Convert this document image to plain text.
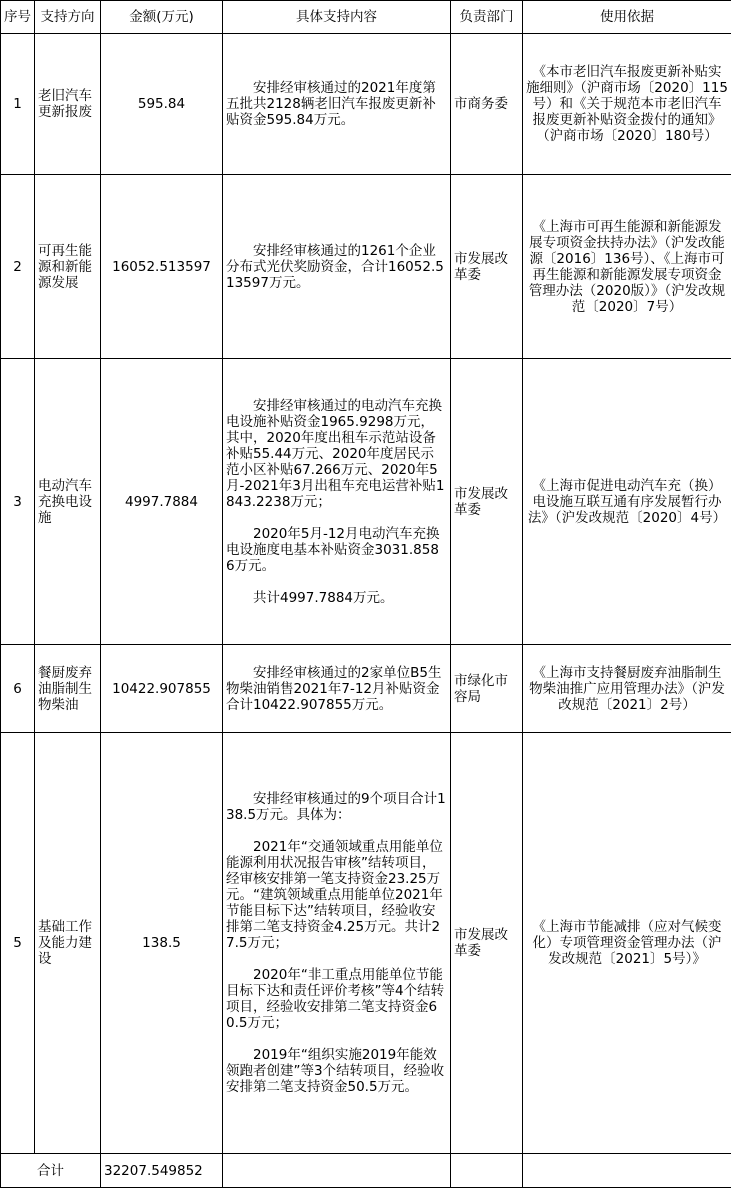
序号	支持方向	金额(万元)	具体支持内容	负责部门	使用依据
1	老旧汽车更新报废	595.84	安排经审核通过的2021年度第五批共2128辆老旧汽车报废更新补贴资金595.84万元。	市商务委	《本市老旧汽车报废更新补贴实施细则》（沪商市场〔2020〕115号）和《关于规范本市老旧汽车报废更新补贴资金拨付的通知》（沪商市场〔2020〕180号）
2	可再生能源和新能源发展	16052.513597	安排经审核通过的1261个企业分布式光伏奖励资金，合计16052.513597万元。	市发展改革委	《上海市可再生能源和新能源发展专项资金扶持办法》（沪发改能源〔2016〕136号）、《上海市可再生能源和新能源发展专项资金管理办法（2020版）》（沪发改规范〔2020〕7号）
3	电动汽车充换电设施	4997.7884	安排经审核通过的电动汽车充换电设施补贴资金1965.9298万元，其中，2020年度出租车示范站设备补贴55.44万元、2020年度居民示范小区补贴67.266万元、2020年5月-2021年3月出租车充电运营补贴1843.2238万元；

2020年5月-12月电动汽车充换电设施度电基本补贴资金3031.8586万元。

共计4997.7884万元。	市发展改革委	《上海市促进电动汽车充（换）电设施互联互通有序发展暂行办法》（沪发改规范〔2020〕4号）
6	餐厨废弃油脂制生物柴油	10422.907855	安排经审核通过的2家单位B5生物柴油销售2021年7-12月补贴资金合计10422.907855万元。	市绿化市容局	《上海市支持餐厨废弃油脂制生物柴油推广应用管理办法》（沪发改规范〔2021〕2号）
5	基础工作及能力建设	138.5	安排经审核通过的9个项目合计138.5万元。具体为：

2021年“交通领域重点用能单位能源利用状况报告审核”结转项目，经审核安排第一笔支持资金23.25万元。“建筑领域重点用能单位2021年节能目标下达”结转项目，经验收安排第二笔支持资金4.25万元。共计27.5万元；

2020年“非工重点用能单位节能目标下达和责任评价考核”等4个结转项目，经验收安排第二笔支持资金60.5万元；

2019年“组织实施2019年能效领跑者创建”等3个结转项目，经验收安排第二笔支持资金50.5万元。	市发展改革委	《上海市节能减排（应对气候变化）专项管理资金管理办法（沪发改规范〔2021〕5号）》
合计		32207.549852			
